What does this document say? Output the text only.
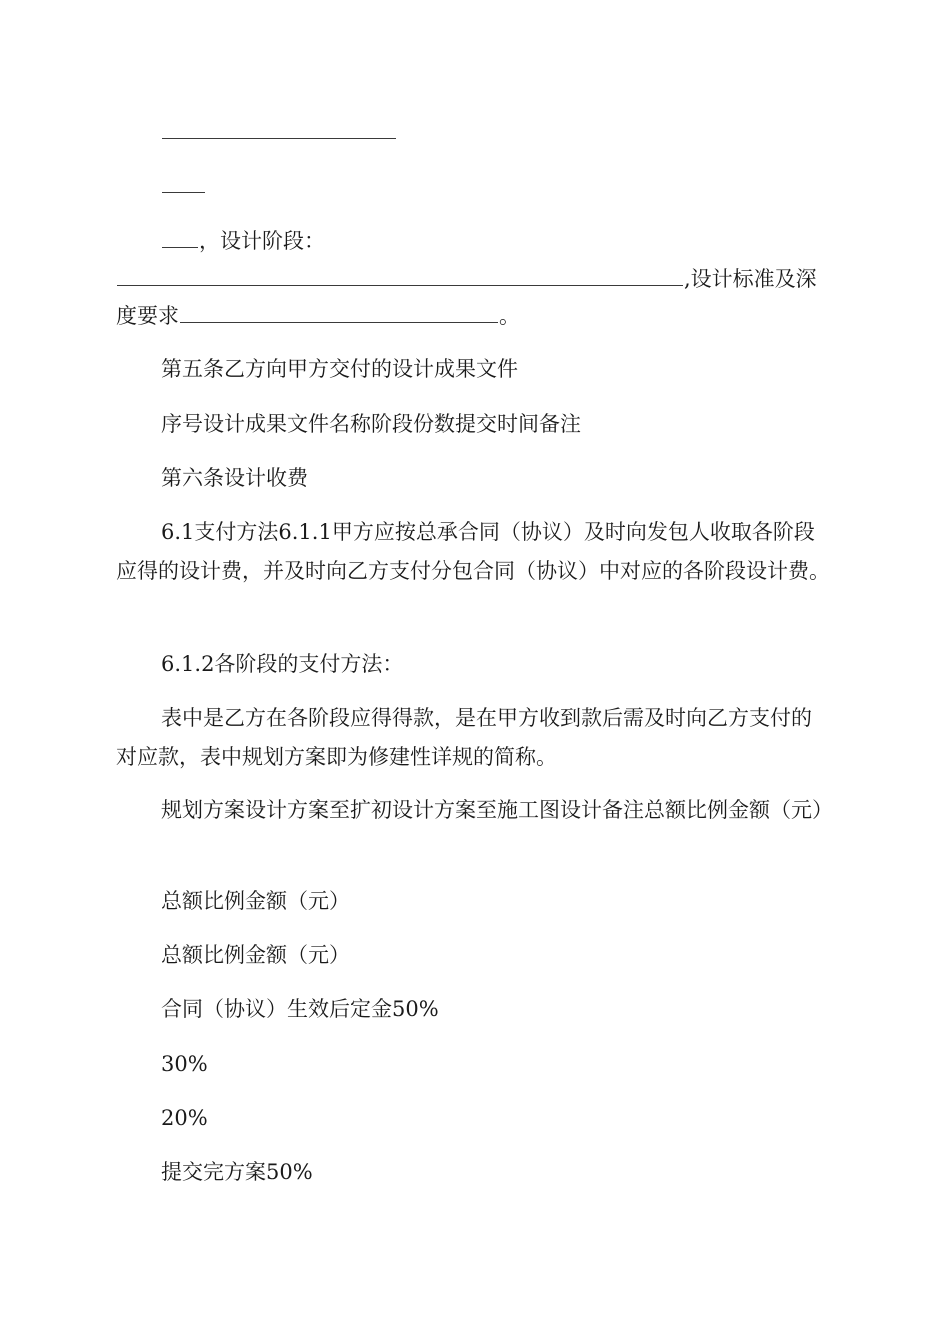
，设计阶段：
,设计标准及深
度要求	。

第五条乙方向甲方交付的设计成果文件

序号设计成果文件名称阶段份数提交时间备注

第六条设计收费

6.1支付方法6.1.1甲方应按总承合同（协议）及时向发包人收取各阶段应得的设计费，并及时向乙方支付分包合同（协议）中对应的各阶段设计费。

6.1.2各阶段的支付方法：

表中是乙方在各阶段应得得款，是在甲方收到款后需及时向乙方支付的对应款，表中规划方案即为修建性详规的简称。

规划方案设计方案至扩初设计方案至施工图设计备注总额比例金额（元）

总额比例金额（元）

总额比例金额（元）

合同（协议）生效后定金50%

30%

20%

提交完方案50%
